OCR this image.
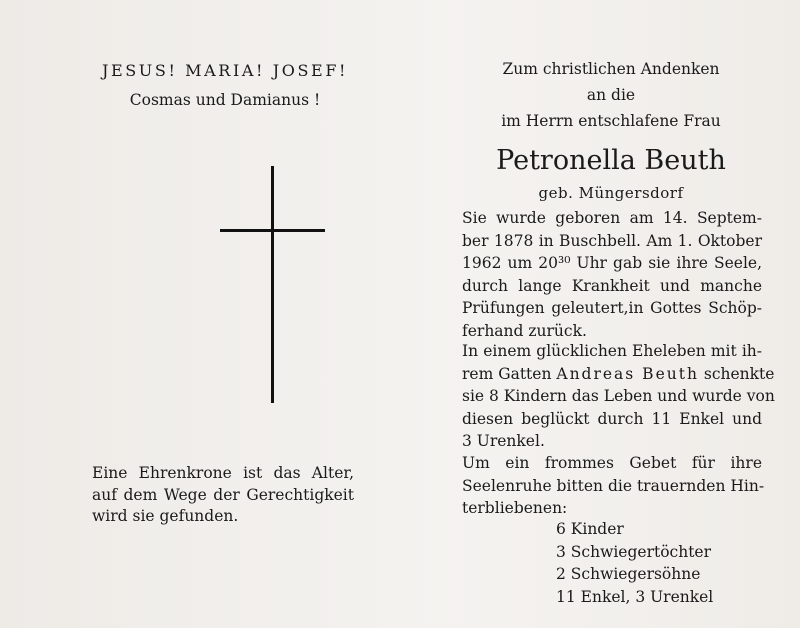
JESUS! MARIA! JOSEF!
Cosmas und Damianus !
Eine Ehrenkrone ist das Alter, auf dem Wege der Gerechtigkeit wird sie gefunden.
Zum christlichen Andenken
an die
im Herrn entschlafene Frau
Petronella Beuth
geb. Müngersdorf
Sie wurde geboren am 14. Septem-
ber 1878 in Buschbell. Am 1. Oktober
1962 um 20³⁰ Uhr gab sie ihre Seele,
durch lange Krankheit und manche
Prüfungen geleutert,in Gottes Schöp-
ferhand zurück.
In einem glücklichen Eheleben mit ih-
rem Gatten Andreas Beuth schenkte
sie 8 Kindern das Leben und wurde von
diesen beglückt durch 11 Enkel und
3 Urenkel.
Um ein frommes Gebet für ihre
Seelenruhe bitten die trauernden Hin-
terbliebenen:
6 Kinder
3 Schwiegertöchter
2 Schwiegersöhne
11 Enkel, 3 Urenkel
